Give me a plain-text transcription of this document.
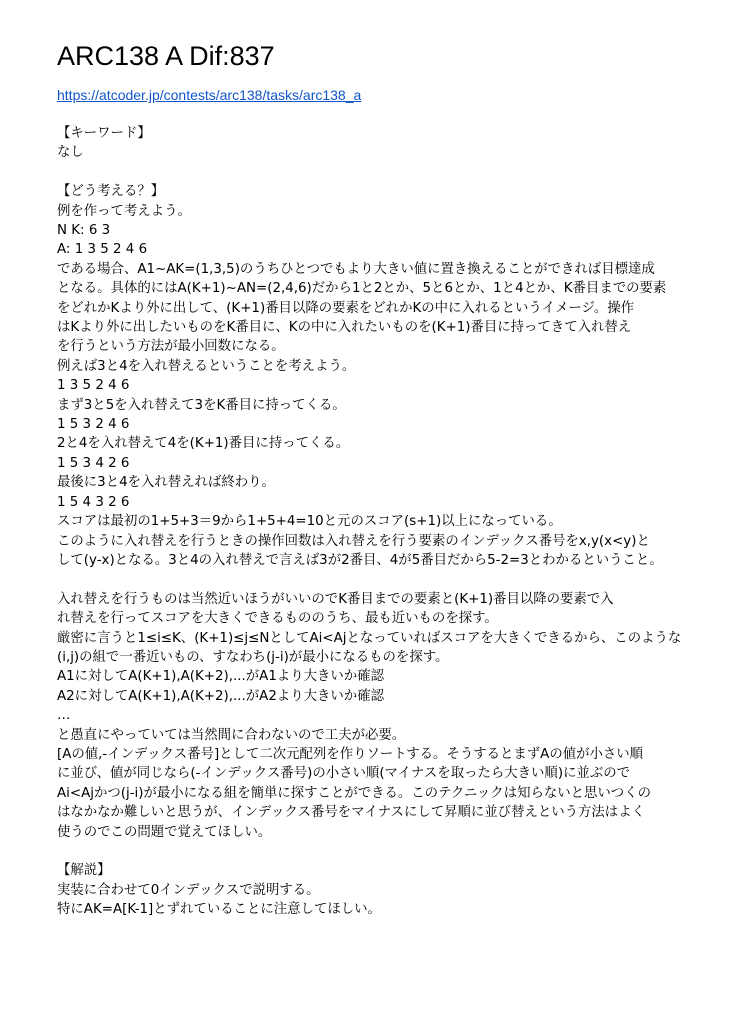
ARC138 A Dif:837
https://atcoder.jp/contests/arc138/tasks/arc138_a
【キーワード】
なし
【どう考える？】
例を作って考えよう。
N K: 6 3
A: 1 3 5 2 4 6
である場合、A1~AK=(1,3,5)のうちひとつでもより大きい値に置き換えることができれば目標達成
となる。具体的にはA(K+1)~AN=(2,4,6)だから1と2とか、5と6とか、1と4とか、K番目までの要素
をどれかKより外に出して、(K+1)番目以降の要素をどれかKの中に入れるというイメージ。操作
はKより外に出したいものをK番目に、Kの中に入れたいものを(K+1)番目に持ってきて入れ替え
を行うという方法が最小回数になる。
例えば3と4を入れ替えるということを考えよう。
1 3 5 2 4 6
まず3と5を入れ替えて3をK番目に持ってくる。
1 5 3 2 4 6
2と4を入れ替えて4を(K+1)番目に持ってくる。
1 5 3 4 2 6
最後に3と4を入れ替えれば終わり。
1 5 4 3 2 6
スコアは最初の1+5+3＝9から1+5+4=10と元のスコア(s+1)以上になっている。
このように入れ替えを行うときの操作回数は入れ替えを行う要素のインデックス番号をx,y(x<y)と
して(y-x)となる。3と4の入れ替えで言えば3が2番目、4が5番目だから5-2=3とわかるということ。
入れ替えを行うものは当然近いほうがいいのでK番目までの要素と(K+1)番目以降の要素で入
れ替えを行ってスコアを大きくできるもののうち、最も近いものを探す。
厳密に言うと1≤i≤K、(K+1)≤j≤NとしてAi<Ajとなっていればスコアを大きくできるから、このような
(i,j)の組で一番近いもの、すなわち(j-i)が最小になるものを探す。
A1に対してA(K+1),A(K+2),...がA1より大きいか確認
A2に対してA(K+1),A(K+2),...がA2より大きいか確認
…
と愚直にやっていては当然間に合わないので工夫が必要。
[Aの値,-インデックス番号]として二次元配列を作りソートする。そうするとまずAの値が小さい順
に並び、値が同じなら(-インデックス番号)の小さい順(マイナスを取ったら大きい順)に並ぶので
Ai<Ajかつ(j-i)が最小になる組を簡単に探すことができる。このテクニックは知らないと思いつくの
はなかなか難しいと思うが、インデックス番号をマイナスにして昇順に並び替えという方法はよく
使うのでこの問題で覚えてほしい。
【解説】
実装に合わせて0インデックスで説明する。
特にAK=A[K-1]とずれていることに注意してほしい。
